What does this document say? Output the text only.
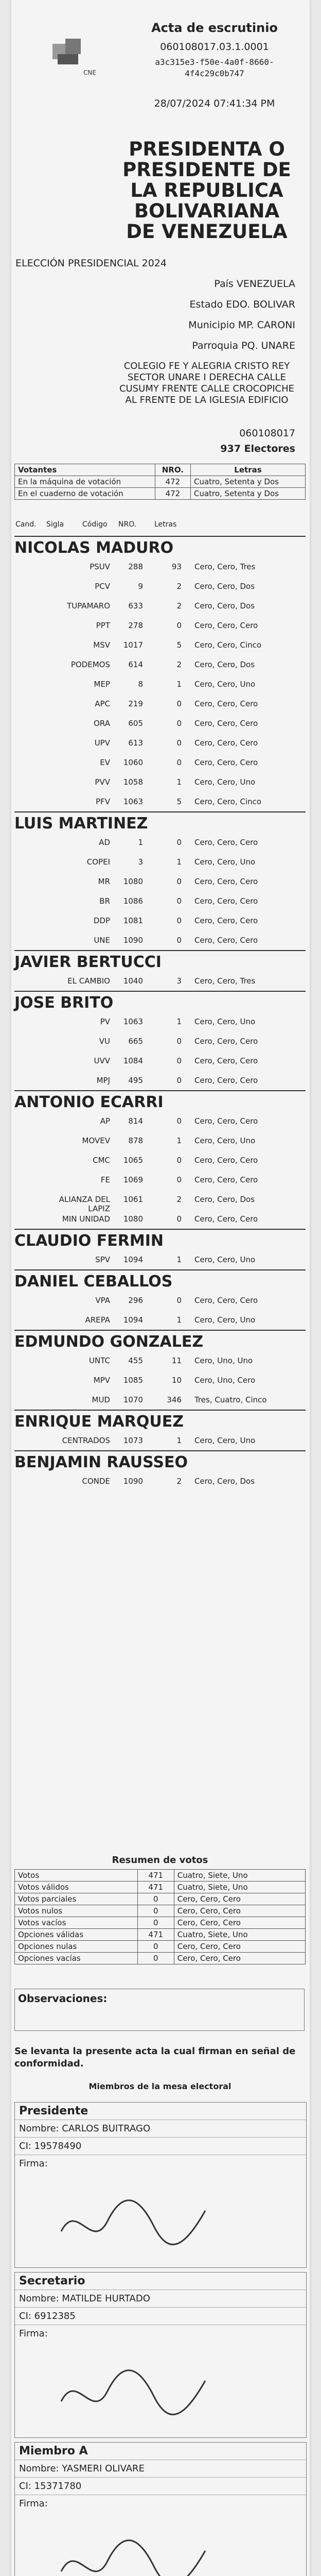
CNE
Acta de escrutinio
060108017.03.1.0001
a3c315e3-f50e-4a0f-8660-4f4c29c0b747
28/07/2024 07:41:34 PM
PRESIDENTA O PRESIDENTE DE LA REPUBLICA BOLIVARIANA DE VENEZUELA
ELECCIÓN PRESIDENCIAL 2024
País VENEZUELA
Estado EDO. BOLIVAR
Municipio MP. CARONI
Parroquia PQ. UNARE
COLEGIO FE Y ALEGRIA CRISTO REY SECTOR UNARE I DERECHA CALLE CUSUMY FRENTE CALLE CROCOPICHE AL FRENTE DE LA IGLESIA EDIFICIO
060108017
937 Electores
Votantes	NRO.	Letras
En la máquina de votación	472	Cuatro, Setenta y Dos
En el cuaderno de votación	472	Cuatro, Setenta y Dos
Cand. Sigla	Código NRO. Letras
NICOLAS MADURO
PSUV	288	93 Cero, Cero, Tres
PCV	9	2 Cero, Cero, Dos
TUPAMARO	633	2 Cero, Cero, Dos
PPT	278	0 Cero, Cero, Cero
MSV	1017	5 Cero, Cero, Cinco
PODEMOS	614	2 Cero, Cero, Dos
MEP	8	1 Cero, Cero, Uno
APC	219	0 Cero, Cero, Cero
ORA	605	0 Cero, Cero, Cero
UPV	613	0 Cero, Cero, Cero
EV	1060	0 Cero, Cero, Cero
PVV	1058	1 Cero, Cero, Uno
PFV	1063	5 Cero, Cero, Cinco
LUIS MARTINEZ
AD	1	0 Cero, Cero, Cero
COPEI	3	1 Cero, Cero, Uno
MR	1080	0 Cero, Cero, Cero
BR	1086	0 Cero, Cero, Cero
DDP	1081	0 Cero, Cero, Cero
UNE	1090	0 Cero, Cero, Cero
JAVIER BERTUCCI
EL CAMBIO	1040	3 Cero, Cero, Tres
JOSE BRITO
PV	1063	1 Cero, Cero, Uno
VU	665	0 Cero, Cero, Cero
UVV	1084	0 Cero, Cero, Cero
MPJ	495	0 Cero, Cero, Cero
ANTONIO ECARRI
AP	814	0 Cero, Cero, Cero
MOVEV	878	1 Cero, Cero, Uno
CMC	1065	0 Cero, Cero, Cero
FE	1069	0 Cero, Cero, Cero
ALIANZA DEL LAPIZ
1061	2 Cero, Cero, Dos
MIN UNIDAD	1080	0 Cero, Cero, Cero
CLAUDIO FERMIN
SPV	1094	1 Cero, Cero, Uno
DANIEL CEBALLOS
VPA	296	0 Cero, Cero, Cero
AREPA	1094	1 Cero, Cero, Uno
EDMUNDO GONZALEZ
UNTC	455	11 Cero, Uno, Uno
MPV	1085	10 Cero, Uno, Cero
MUD	1070	346 Tres, Cuatro, Cinco
ENRIQUE MARQUEZ
CENTRADOS	1073	1 Cero, Cero, Uno
BENJAMIN RAUSSEO
CONDE	1090	2 Cero, Cero, Dos
Resumen de votos
Votos	471	Cuatro, Siete, Uno
Votos válidos	471	Cuatro, Siete, Uno
Votos parciales	0	Cero, Cero, Cero
Votos nulos	0	Cero, Cero, Cero
Votos vacíos	0	Cero, Cero, Cero
Opciones válidas	471	Cuatro, Siete, Uno
Opciones nulas	0	Cero, Cero, Cero
Opciones vacías	0	Cero, Cero, Cero
Observaciones:
Se levanta la presente acta la cual firman en señal de conformidad.
Miembros de la mesa electoral
Presidente
Nombre: CARLOS BUITRAGO
CI: 19578490
Firma:
Secretario
Nombre: MATILDE HURTADO
CI: 6912385
Firma:
Miembro A
Nombre: YASMERI OLIVARE
CI: 15371780
Firma:
